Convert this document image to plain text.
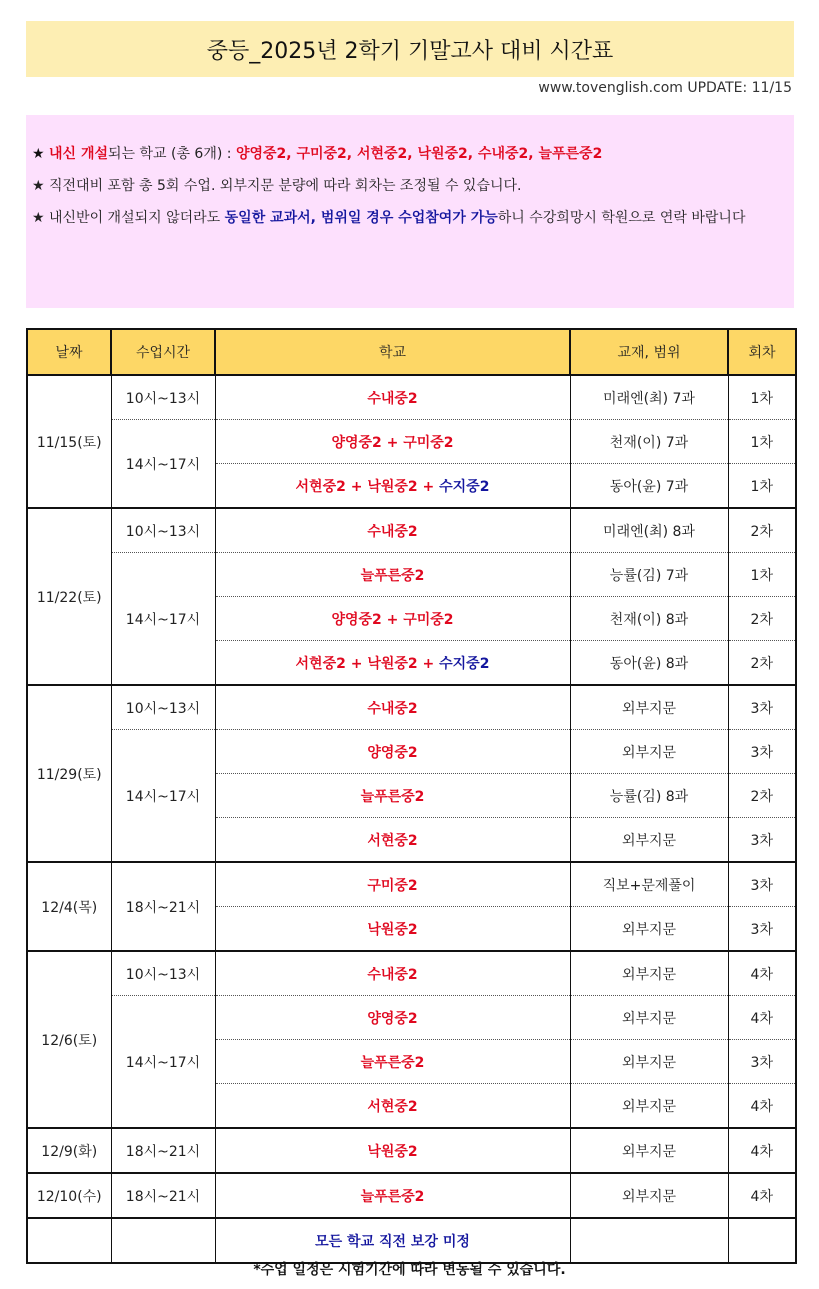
중등_2025년 2학기 기말고사 대비 시간표
www.tovenglish.com UPDATE: 11/15

★ 내신 개설되는 학교 (총 6개) : 양영중2, 구미중2, 서현중2, 낙원중2, 수내중2, 늘푸른중2

★ 직전대비 포함 총 5회 수업. 외부지문 분량에 따라 회차는 조정될 수 있습니다.

★ 내신반이 개설되지 않더라도 동일한 교과서, 범위일 경우 수업참여가 가능하니 수강희망시 학원으로 연락 바랍니다

날짜	수업시간	학교	교재, 범위	회차
11/15(토)	10시~13시	수내중2	미래엔(최) 7과	1차
	14시~17시	양영중2 + 구미중2	천재(이) 7과	1차
		서현중2 + 낙원중2 + 수지중2	동아(윤) 7과	1차
11/22(토)	10시~13시	수내중2	미래엔(최) 8과	2차
	14시~17시	늘푸른중2	능률(김) 7과	1차
		양영중2 + 구미중2	천재(이) 8과	2차
		서현중2 + 낙원중2 + 수지중2	동아(윤) 8과	2차
11/29(토)	10시~13시	수내중2	외부지문	3차
	14시~17시	양영중2	외부지문	3차
		늘푸른중2	능률(김) 8과	2차
		서현중2	외부지문	3차
12/4(목)	18시~21시	구미중2	직보+문제풀이	3차
		낙원중2	외부지문	3차
12/6(토)	10시~13시	수내중2	외부지문	4차
	14시~17시	양영중2	외부지문	4차
		늘푸른중2	외부지문	3차
		서현중2	외부지문	4차
12/9(화)	18시~21시	낙원중2	외부지문	4차
12/10(수)	18시~21시	늘푸른중2	외부지문	4차
		모든 학교 직전 보강 미정		
*수업 일정은 시험기간에 따라 변동될 수 있습니다.
